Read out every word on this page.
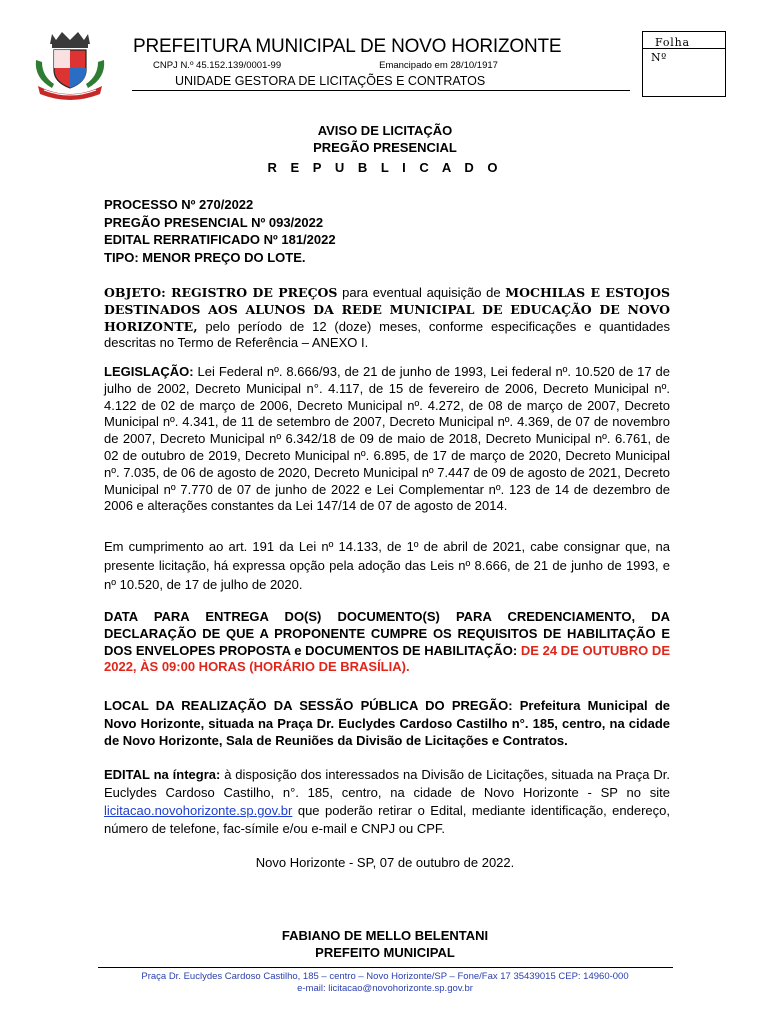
PREFEITURA MUNICIPAL DE NOVO HORIZONTE
CNPJ N.º 45.152.139/0001-99	Emancipado em 28/10/1917
UNIDADE GESTORA DE LICITAÇÕES E CONTRATOS
Folha
Nº
AVISO DE LICITAÇÃO
PREGÃO PRESENCIAL
R E P U B L I C A D O
PROCESSO Nº 270/2022
PREGÃO PRESENCIAL Nº 093/2022
EDITAL RERRATIFICADO Nº 181/2022
TIPO: MENOR PREÇO DO LOTE.
OBJETO: REGISTRO DE PREÇOS para eventual aquisição de MOCHILAS E ESTOJOS DESTINADOS AOS ALUNOS DA REDE MUNICIPAL DE EDUCAÇÃO DE NOVO HORIZONTE, pelo período de 12 (doze) meses, conforme especificações e quantidades descritas no Termo de Referência – ANEXO I.
LEGISLAÇÃO: Lei Federal nº. 8.666/93, de 21 de junho de 1993, Lei federal nº. 10.520 de 17 de julho de 2002, Decreto Municipal n°. 4.117, de 15 de fevereiro de 2006, Decreto Municipal nº. 4.122 de 02 de março de 2006, Decreto Municipal nº. 4.272, de 08 de março de 2007, Decreto Municipal nº. 4.341, de 11 de setembro de 2007, Decreto Municipal nº. 4.369, de 07 de novembro de 2007, Decreto Municipal nº 6.342/18 de 09 de maio de 2018, Decreto Municipal nº. 6.761, de 02 de outubro de 2019, Decreto Municipal nº. 6.895, de 17 de março de 2020, Decreto Municipal nº. 7.035, de 06 de agosto de 2020, Decreto Municipal nº 7.447 de 09 de agosto de 2021, Decreto Municipal nº 7.770 de 07 de junho de 2022 e Lei Complementar nº. 123 de 14 de dezembro de 2006 e alterações constantes da Lei 147/14 de 07 de agosto de 2014.
Em cumprimento ao art. 191 da Lei nº 14.133, de 1º de abril de 2021, cabe consignar que, na presente licitação, há expressa opção pela adoção das Leis nº 8.666, de 21 de junho de 1993, e nº 10.520, de 17 de julho de 2020.
DATA PARA ENTREGA DO(S) DOCUMENTO(S) PARA CREDENCIAMENTO, DA DECLARAÇÃO DE QUE A PROPONENTE CUMPRE OS REQUISITOS DE HABILITAÇÃO E DOS ENVELOPES PROPOSTA e DOCUMENTOS DE HABILITAÇÃO: DE 24 DE OUTUBRO DE 2022, ÀS 09:00 HORAS (HORÁRIO DE BRASÍLIA).
LOCAL DA REALIZAÇÃO DA SESSÃO PÚBLICA DO PREGÃO: Prefeitura Municipal de Novo Horizonte, situada na Praça Dr. Euclydes Cardoso Castilho n°. 185, centro, na cidade de Novo Horizonte, Sala de Reuniões da Divisão de Licitações e Contratos.
EDITAL na íntegra: à disposição dos interessados na Divisão de Licitações, situada na Praça Dr. Euclydes Cardoso Castilho, n°. 185, centro, na cidade de Novo Horizonte - SP no site licitacao.novohorizonte.sp.gov.br que poderão retirar o Edital, mediante identificação, endereço, número de telefone, fac-símile e/ou e-mail e CNPJ ou CPF.
Novo Horizonte - SP, 07 de outubro de 2022.
FABIANO DE MELLO BELENTANI
PREFEITO MUNICIPAL
Praça Dr. Euclydes Cardoso Castilho, 185 – centro – Novo Horizonte/SP – Fone/Fax 17 35439015 CEP: 14960-000
e-mail: licitacao@novohorizonte.sp.gov.br
